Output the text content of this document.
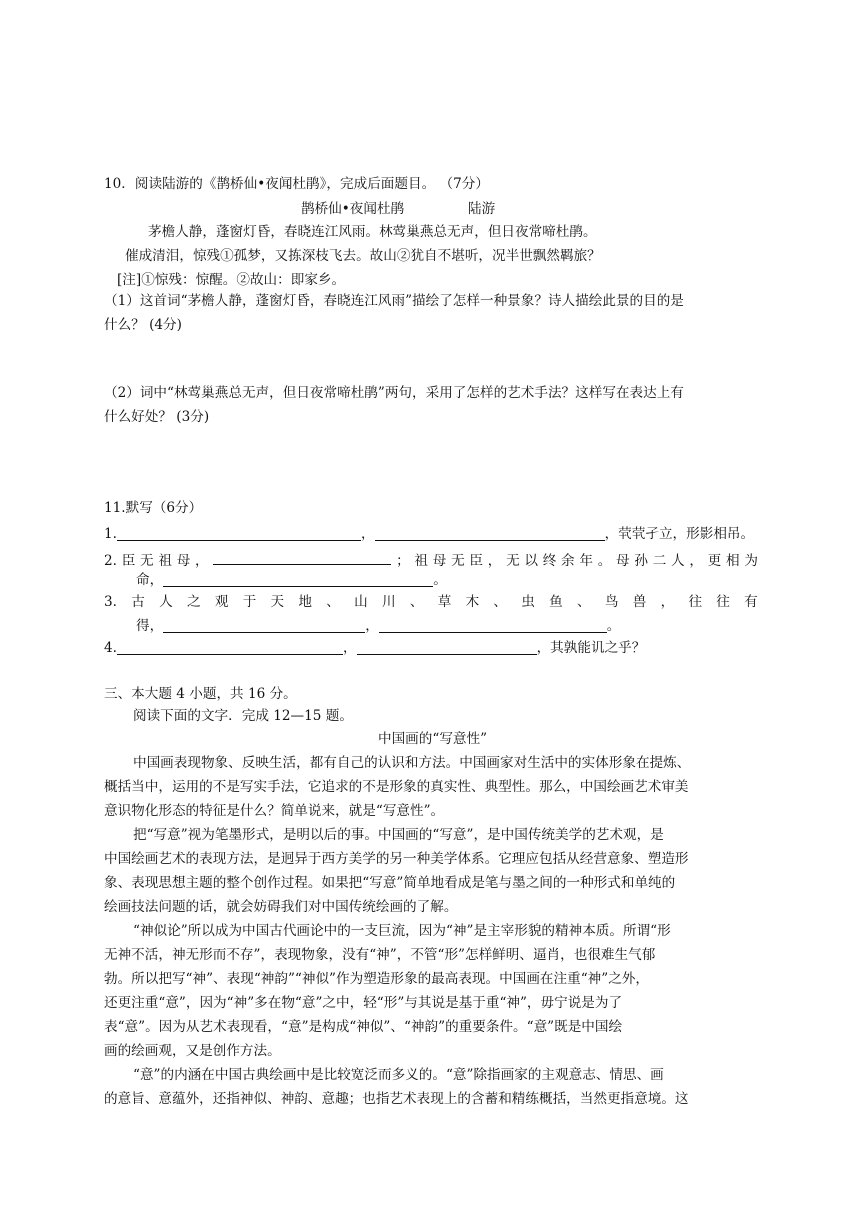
10．阅读陆游的《鹊桥仙•夜闻杜鹃》，完成后面题目。 （7分）
鹊桥仙•夜闻杜鹃	陆游
茅檐人静，蓬窗灯昏，春晓连江风雨。林莺巢燕总无声，但日夜常啼杜鹃。
催成清泪，惊残①孤梦，又拣深枝飞去。故山②犹自不堪听，况半世飘然羁旅？
[注]①惊残：惊醒。②故山：即家乡。
（1）这首词“茅檐人静，蓬窗灯昏，春晓连江风雨”描绘了怎样一种景象？诗人描绘此景的目的是
什么？ (4分)
（2）词中“林莺巢燕总无声，但日夜常啼杜鹃”两句，采用了怎样的艺术手法？这样写在表达上有
什么好处？ (3分)
11.默写（6分）
1.	，	，茕茕孑立，形影相吊。
2. 臣 无 祖 母 ，	； 祖 母 无 臣 ， 无 以 终 余 年 。 母 孙 二 人 ， 更 相 为
命，	。
3. 古 人 之 观 于 天 地 、 山 川 、 草 木 、 虫 鱼 、 鸟 兽 ， 往 往 有
得，	，	。
4.	，	，其孰能讥之乎？
三、本大题 4 小题，共 16 分。
阅读下面的文字．完成 12—15 题。
中国画的“写意性”
中国画表现物象、反映生活，都有自己的认识和方法。中国画家对生活中的实体形象在提炼、
概括当中，运用的不是写实手法，它追求的不是形象的真实性、典型性。那么，中国绘画艺术审美
意识物化形态的特征是什么？简单说来，就是“写意性”。
把“写意”视为笔墨形式，是明以后的事。中国画的“写意”，是中国传统美学的艺术观，是
中国绘画艺术的表现方法，是迥异于西方美学的另一种美学体系。它理应包括从经营意象、塑造形
象、表现思想主题的整个创作过程。如果把“写意”简单地看成是笔与墨之间的一种形式和单纯的
绘画技法问题的话，就会妨碍我们对中国传统绘画的了解。
“神似论”所以成为中国古代画论中的一支巨流，因为“神”是主宰形貌的精神本质。所谓“形
无神不活，神无形而不存”，表现物象，没有“神”，不管“形”怎样鲜明、逼肖，也很难生气郁
勃。所以把写“神”、表现“神韵”“神似”作为塑造形象的最高表现。中国画在注重“神”之外，
还更注重“意”，因为“神”多在物“意”之中，轻“形”与其说是基于重“神”，毋宁说是为了
表“意”。因为从艺术表现看，“意”是构成“神似”、“神韵”的重要条件。“意”既是中国绘
画的绘画观，又是创作方法。
“意”的内涵在中国古典绘画中是比较宽泛而多义的。“意”除指画家的主观意志、情思、画
的意旨、意蕴外，还指神似、神韵、意趣；也指艺术表现上的含蓄和精练概括，当然更指意境。这
